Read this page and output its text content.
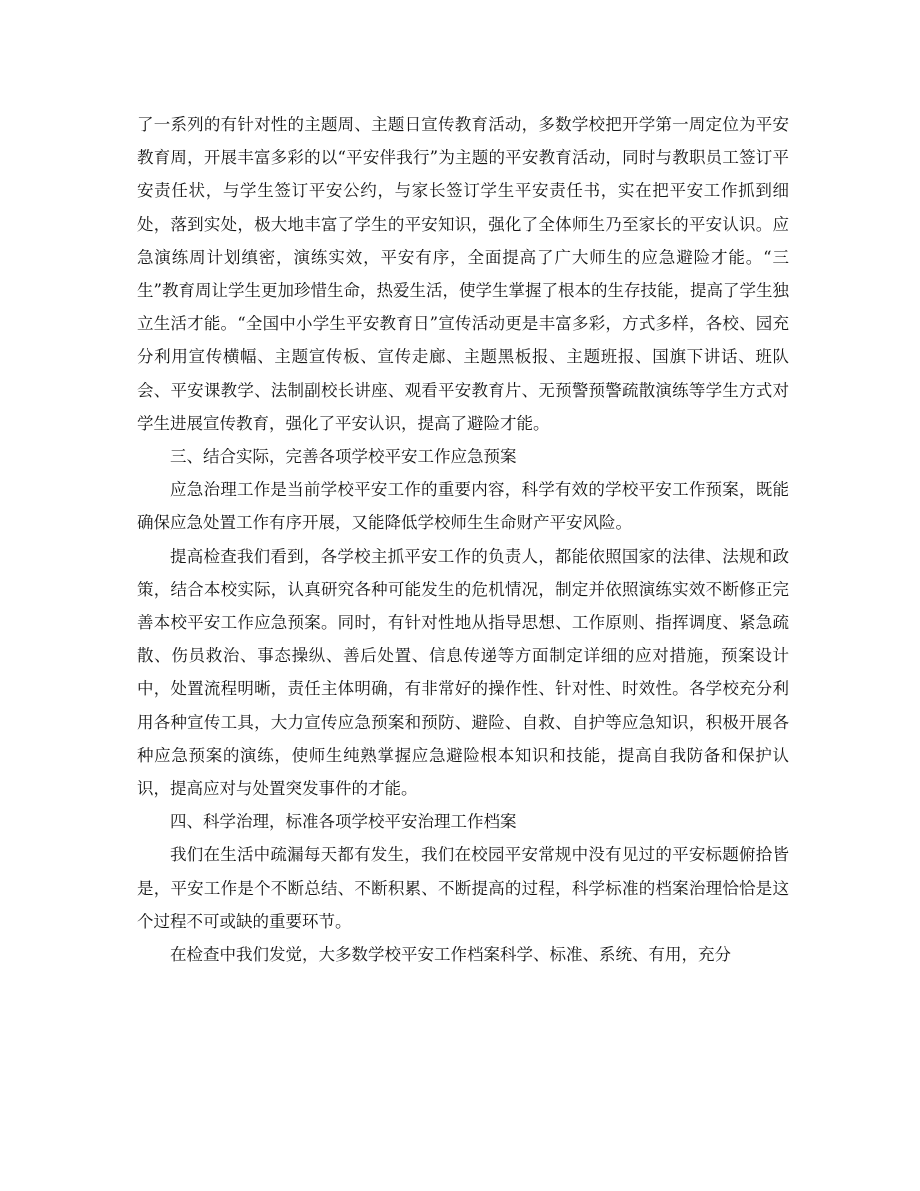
了一系列的有针对性的主题周、主题日宣传教育活动，多数学校把开学第一周定位为平安教育周，开展丰富多彩的以“平安伴我行”为主题的平安教育活动，同时与教职员工签订平安责任状，与学生签订平安公约，与家长签订学生平安责任书，实在把平安工作抓到细处，落到实处，极大地丰富了学生的平安知识，强化了全体师生乃至家长的平安认识。应急演练周计划缜密，演练实效，平安有序，全面提高了广大师生的应急避险才能。“三生”教育周让学生更加珍惜生命，热爱生活，使学生掌握了根本的生存技能，提高了学生独立生活才能。“全国中小学生平安教育日”宣传活动更是丰富多彩，方式多样，各校、园充分利用宣传横幅、主题宣传板、宣传走廊、主题黑板报、主题班报、国旗下讲话、班队会、平安课教学、法制副校长讲座、观看平安教育片、无预警预警疏散演练等学生方式对学生进展宣传教育，强化了平安认识，提高了避险才能。

三、结合实际，完善各项学校平安工作应急预案

应急治理工作是当前学校平安工作的重要内容，科学有效的学校平安工作预案，既能确保应急处置工作有序开展，又能降低学校师生生命财产平安风险。

提高检查我们看到，各学校主抓平安工作的负责人，都能依照国家的法律、法规和政策，结合本校实际，认真研究各种可能发生的危机情况，制定并依照演练实效不断修正完善本校平安工作应急预案。同时，有针对性地从指导思想、工作原则、指挥调度、紧急疏散、伤员救治、事态操纵、善后处置、信息传递等方面制定详细的应对措施，预案设计中，处置流程明晰，责任主体明确，有非常好的操作性、针对性、时效性。各学校充分利用各种宣传工具，大力宣传应急预案和预防、避险、自救、自护等应急知识，积极开展各种应急预案的演练，使师生纯熟掌握应急避险根本知识和技能，提高自我防备和保护认识，提高应对与处置突发事件的才能。

四、科学治理，标准各项学校平安治理工作档案

我们在生活中疏漏每天都有发生，我们在校园平安常规中没有见过的平安标题俯拾皆是，平安工作是个不断总结、不断积累、不断提高的过程，科学标准的档案治理恰恰是这个过程不可或缺的重要环节。

在检查中我们发觉，大多数学校平安工作档案科学、标准、系统、有用，充分
